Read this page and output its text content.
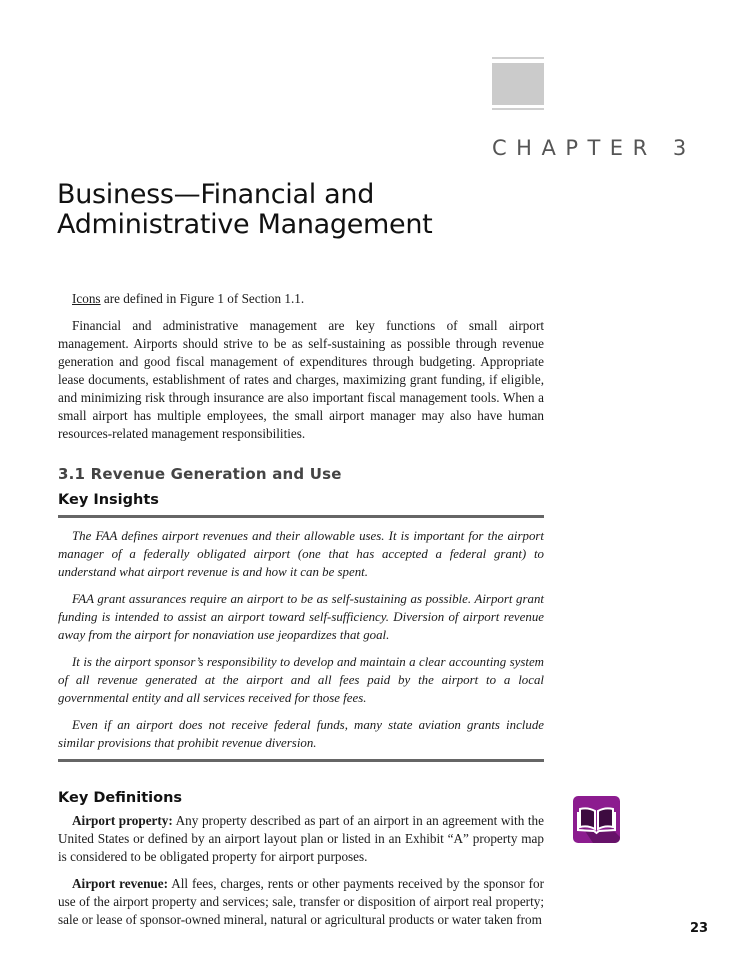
CHAPTER 3
Business—Financial and
Administrative Management

Icons are defined in Figure 1 of Section 1.1.

Financial and administrative management are key functions of small airport management. Airports should strive to be as self-sustaining as possible through revenue generation and good fiscal management of expenditures through budgeting. Appropriate lease documents, establishment of rates and charges, maximizing grant funding, if eligible, and minimizing risk through insurance are also important fiscal management tools. When a small airport has multiple employees, the small airport manager may also have human resources-related management responsibilities.

3.1 Revenue Generation and Use
Key Insights

The FAA defines airport revenues and their allowable uses. It is important for the airport manager of a federally obligated airport (one that has accepted a federal grant) to understand what airport revenue is and how it can be spent.

FAA grant assurances require an airport to be as self-sustaining as possible. Airport grant funding is intended to assist an airport toward self-sufficiency. Diversion of airport revenue away from the airport for nonaviation use jeopardizes that goal.

It is the airport sponsor’s responsibility to develop and maintain a clear accounting system of all revenue generated at the airport and all fees paid by the airport to a local governmental entity and all services received for those fees.

Even if an airport does not receive federal funds, many state aviation grants include similar provisions that prohibit revenue diversion.

Key Definitions

Airport property: Any property described as part of an airport in an agreement with the United States or defined by an airport layout plan or listed in an Exhibit “A” property map is considered to be obligated property for airport purposes.

Airport revenue: All fees, charges, rents or other payments received by the sponsor for use of the airport property and services; sale, transfer or disposition of airport real property; sale or lease of sponsor-owned mineral, natural or agricultural products or water taken from

23
